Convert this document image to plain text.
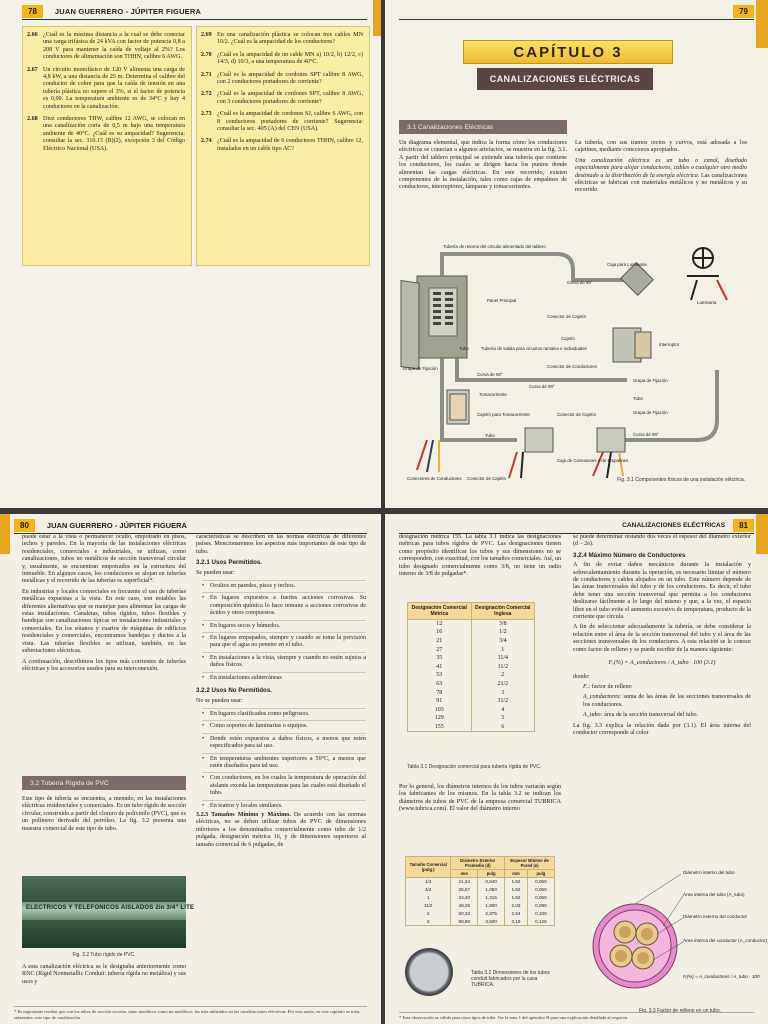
78	JUAN GUERRERO - JÚPITER FIGUERA
2.66 ¿Cuál es la máxima distancia a la cual se debe conectar una carga trifásica de 24 kVA con factor de potencia 0,8 a 208 V para mantener la caída de voltaje al 2%? Los conductores de alimentación son THHN, calibre 6 AWG.
2.67 Un circuito monofásico de 120 V alimenta una carga de 4,8 kW, a una distancia de 25 m. Determina el calibre del conductor de cobre para que la caída de tensión en una tubería plástica no supere el 3%, si el factor de potencia es 0,90. La temperatura ambiente es de 34°C y hay 4 conductores en la canalización.
2.68 Diez conductores THW, calibre 12 AWG, se colocan en una canalización corta de 0,5 m bajo una temperatura ambiente de 40°C. ¿Cuál es su ampacidad? Sugerencia: consultar la sec. 310.15 (B)(2), excepción 3 del Código Eléctrico Nacional (USA).
2.69 En una canalización plástica se colocan tres cables MN 10/2. ¿Cuál es la ampacidad de los conductores?
2.70 ¿Cuál es la ampacidad de un cable MN a) 10/2, b) 12/2, c) 14/3, d) 10/3, a una temperatura de 40°C.
2.71 ¿Cuál es la ampacidad de cordones SPT calibre 8 AWG, con 2 conductores portadores de corriente?
2.72 ¿Cuál es la ampacidad de cordones SPT, calibre 8 AWG, con 3 conductores portadores de corriente?
2.73 ¿Cuál es la ampacidad de cordones SJ, calibre 6 AWG, con 8 conductores portadores de corriente? Sugerencia: consultar la sec. 405 (A) del CEN (USA).
2.74 ¿Cuál es la ampacidad de 6 conductores THHN, calibre 12, instalados en un cable tipo AC?
79
CAPÍTULO 3
CANALIZACIONES ELÉCTRICAS
3.1 Canalizaciones Eléctricas

Un diagrama elemental, que indica la forma cómo los conductores eléctricos se conectan a algunos artefactos, se muestra en la fig. 3.1. A partir del tablero principal se extiende una tubería que contiene los conductores, los cuales se dirigen hacia los puntos donde alimentan las cargas eléctricas. En este recorrido, existen componentes de la instalación, tales como cajas de empalmes de conductores, interruptores, lámparas y tomacorrientes.

La tubería, con sus tramos rectos y curvos, está adosada a los cajetines, mediante conectores apropiados.

Una canalización eléctrica es un tubo o canal, diseñado especialmente para alojar conductores, cables o cualquier otro medio destinado a la distribución de la energía eléctrica. Las canalizaciones eléctricas se fabrican con materiales metálicos y no metálicos y su recorrido

Tubería de retorno del circuito alimentado del tablero
Caja para Luminaria
Curva de 90°
Luminaria
Panel Principal
Conector de Cajetín
Cajetín
Interruptor
Tubo	Tubería de salida para circuitos ramales e individuales
Grapa de Fijación
Curva de 90°
Conector de Conductores
Tomacorriente
Curva de 90°
Grapa de Fijación
Cajetín para Tomacorriente	Conector de Cajetín
Tubo
Tubo	Curva de 90°
Grapa de Fijación
Caja de Conexiones o de Empalmes
Conectores de Conductores Conector de Cajetín	Fig. 3.1 Componentes físicos de una instalación eléctrica.
80	JUAN GUERRERO - JÚPITER FIGUERA

puede estar a la vista o permanecer oculto, empotrado en pisos, techos y paredes. En la mayoría de las instalaciones eléctricas residenciales, comerciales e industriales, se utilizan, como canalizaciones, tubos no metálicos de sección transversal circular y, usualmente, se encuentran empotrados en la estructura del inmueble. En algunos casos, los conductores se alojan en tuberías metálicas y el recorrido de las tuberías es superficial*.

En industrias y locales comerciales es frecuente el uso de tuberías metálicas expuestas a la vista. En este caso, son notables las diferentes alternativas que se manejan para alimentar las cargas de estas instalaciones. Canaletas, tubos rígidos, tubos flexibles y bandejas son canalizaciones típicas en instalaciones industriales y comerciales. En los sótanos y cuartos de máquinas de edificios residenciales y comerciales, encontramos bandejas y ductos a la vista. Las tuberías flexibles se utilizan, también, en las subestaciones eléctricas.

A continuación, describimos los tipos más corrientes de tuberías eléctricas y los accesorios usados para su interconexión.

3.2 Tubería Rígida de PVC

Este tipo de tubería se encuentra, a menudo, en las instalaciones eléctricas residenciales y comerciales. Es un tubo rígido de sección circular, construido a partir del cloruro de polivinilo (PVC), que es un polímero derivado del petróleo. La fig. 3.2 presenta una muestra comercial de este tipo de tubo.

ELECTRICOS Y TELEFONICOS AISLADOS 2in 3/4" LITE
Fig. 3.2 Tubo rígido de PVC.

A esta canalización eléctrica se le designaba anteriormente como RNC (Rigid Nonmetallic Conduit: tubería rígida no metálica) y sus usos y

características se describen en las normas eléctricas de diferentes países. Mencionaremos los aspectos más importantes de este tipo de tubo.

3.2.1 Usos Permitidos.

Se pueden usar:

• Ocultos en paredes, pisos y techos.
• En lugares expuestos a fuertes acciones corrosivas. Su composición química lo hace inmune a acciones corrosivas de ácidos y otros compuestos.
• En lugares secos y húmedos.
• En lugares empapados, siempre y cuando se tome la previsión para que el agua no penetre en el tubo.
• En instalaciones a la vista, siempre y cuando no estén sujetos a daños físicos.
• En instalaciones subterráneas
3.2.2 Usos No Permitidos.

No se pueden usar:

• En lugares clasificados como peligrosos.
• Como soportes de luminarias o equipos.
• Donde estén expuestos a daños físicos, a menos que estén especificados para tal uso.
• En temperaturas ambientes superiores a 50°C, a menos que estén diseñados para tal uso.
• Con conductores, en los cuales la temperatura de operación del aislante exceda las temperaturas para las cuales está diseñado el tubo.
• En teatros y locales similares.

3.2.3 Tamaños Mínimo y Máximo. De acuerdo con las normas eléctricas, no se deben utilizar tubos de PVC de dimensiones inferiores a los denominados comercialmente como tubo de 1/2 pulgada, designación métrica 16, y de dimensiones superiores al tamaño comercial de 6 pulgadas, de

* Es importante resaltar que son los tubos de sección circular, tanto metálicos como no metálicos, los más utilizados en las canalizaciones eléctricas. Por esta razón, en este capítulo se trata, solamente, este tipo de canalización.
CANALIZACIONES ELÉCTRICAS	81

designación métrica 155. La tabla 3.1 indica las designaciones métricas para tubos rígidos de PVC. Las designaciones tienen como propósito identificar los tubos y sus dimensiones no se corresponden, con exactitud, con los tamaños comerciales. Así, un tubo designado comercialmente como 3/8, no tiene un radio interno de 3/8 de pulgadas*.

Designación Comercial Métrica	Designación Comercial Inglesa
12	3/8
16	1/2
21	3/4
27	1
35	11/4
41	11/2
53	2
63	21/2
78	3
91	31/2
103	4
129	5
155	6
Tabla 3.1 Designación comercial para tubería rígida de PVC.

Por lo general, los diámetros internos de los tubos variarán según los fabricantes de los mismos. En la tabla 3.2 se indican los diámetros de tubos de PVC de la empresa comercial TUBRICA (www.tubrica.com). El valor del diámetro interno

Tamaño Comercial (pulg.)	Diámetro Exterior Promedio (d)		Espesor Mínimo de Pared (e)	
	mm	pulg	mm	pulg
1/2	21,34	0,840	1,52	0,060
3/4	26,67	1,050	1,52	0,060
1	33,40	1,315	1,52	0,060
11/2	48,26	1,900	2,03	0,080
2	60,32	2,375	2,54	0,100
3	88,90	3,500	3,18	0,125
Tabla 3.2 Dimensiones de los tubos conduit fabricados por la casa TUBRICA.

se puede determinar restando dos veces el espesor del diámetro exterior (d – 2e).

3.2.4 Máximo Número de Conductores

A fin de evitar daños mecánicos durante la instalación y sobrecalentamiento durante la operación, es necesario limitar el número de conductores y cables alojados en un tubo. Este número depende de las áreas transversales del tubo y de los conductores. Es decir, el tubo debe tener una sección transversal que permita a los conductores deslizarse fácilmente a lo largo del mismo y que, a la vez, el espacio libre en el tubo evite el aumento excesivo de temperatura, producto de la corriente que circula.

A fin de seleccionar adecuadamente la tubería, se debe considerar la relación entre el área de la sección transversal del tubo y el área de las secciones transversales de los conductores. A esta relación se le conoce como factor de relleno y se puede escribir de la manera siguiente:

Fᵣ(%) = A_conductores / A_tubo · 100 (3.1)

donde:

Fᵣ: factor de relleno

A_conductores: suma de las áreas de las secciones transversales de los conductores.

A_tubo: área de la sección transversal del tubo.

La fig. 3.3 explica la relación dada por (3.1). El área interna del conductor corresponde al color

Diámetro interno del tubo
Área interna del tubo (A_tubo)
Diámetro externo del conductor
Área interna del conductor (A_conductor)
Fᵣ(%) = A_conductores / A_tubo · 100
Fig. 3.3 Factor de relleno en un tubo.
* Esta observación es válida para otros tipos de tubo. Ver la nota 1 del apéndice B para una explicación detallada al respecto.
